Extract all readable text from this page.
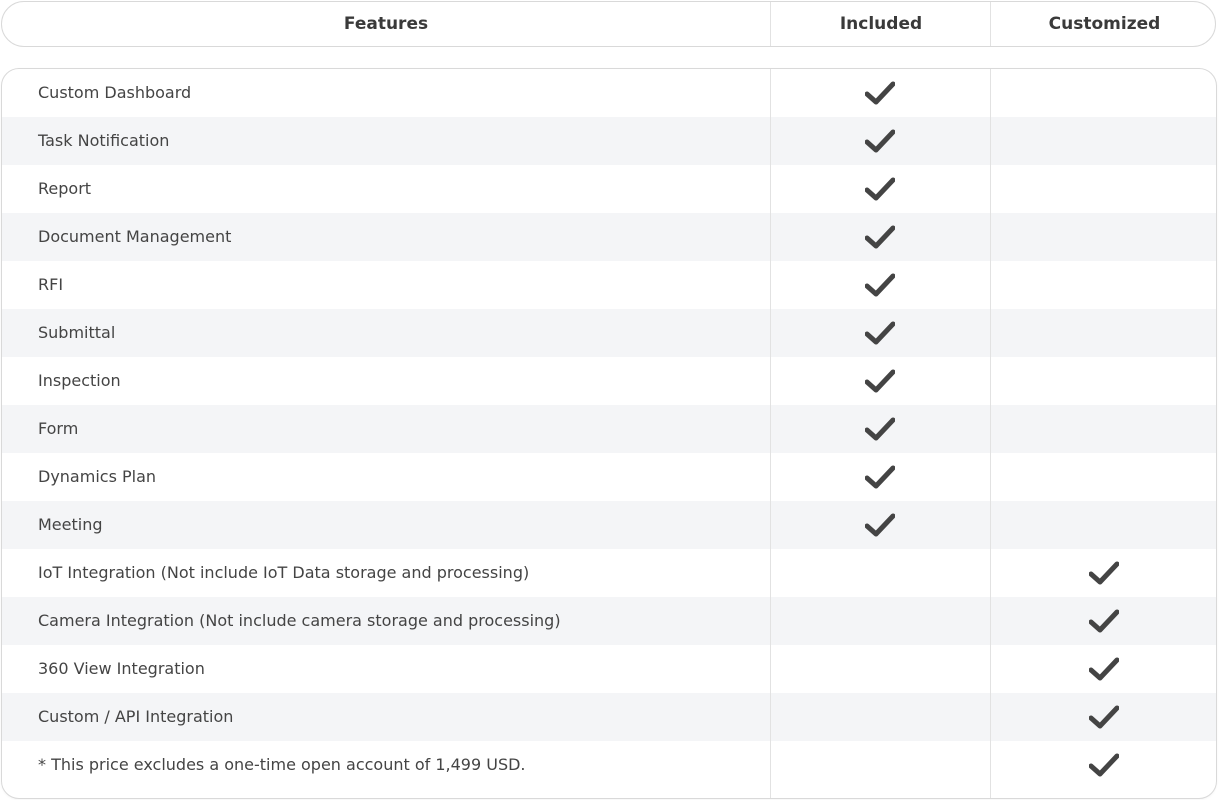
Features	Included	Customized
Custom Dashboard
Task Notification
Report
Document Management
RFI
Submittal
Inspection
Form
Dynamics Plan
Meeting
IoT Integration (Not include IoT Data storage and processing)
Camera Integration (Not include camera storage and processing)
360 View Integration
Custom / API Integration
* This price excludes a one-time open account of 1,499 USD.
